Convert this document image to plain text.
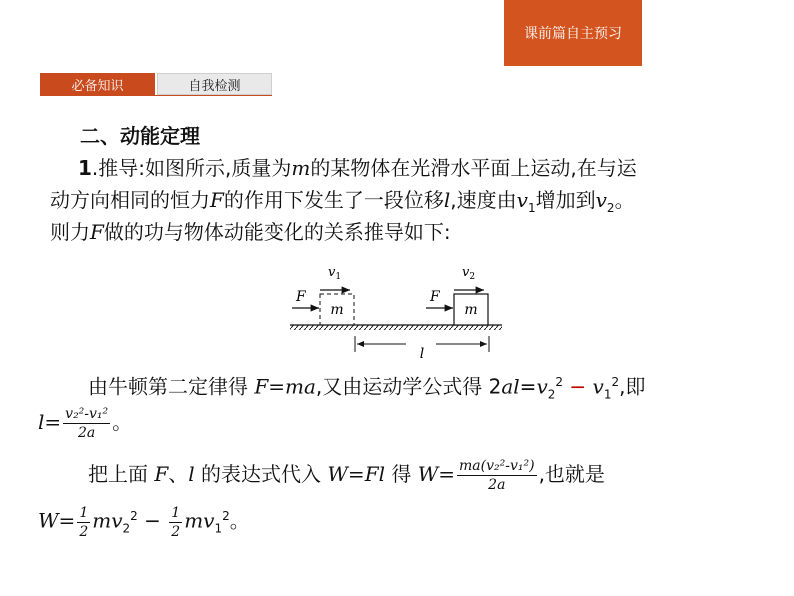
课前篇自主预习
必备知识	自我检测
二、动能定理
1.推导:如图所示,质量为m的某物体在光滑水平面上运动,在与运
动方向相同的恒力F的作用下发生了一段位移l,速度由$v_1$增加到$v_2$。
则力F做的功与物体动能变化的关系推导如下:
m
F
$v_1$
m
F
$v_2$
l
由牛顿第二定律得 F=ma,又由运动学公式得 $2al=v_2^2 - v_1^2$,即
$l= \frac{\text{v₂²-v₁²}}{2a}$ 。
把上面 F、l 的表达式代入 W=Fl 得 $W= \frac{\text{ma(v₂²-v₁²)}}{2a}$ ,也就是
$W= \frac{1}{2} mv_2^2 - \frac{1}{2} mv_1^2$。
